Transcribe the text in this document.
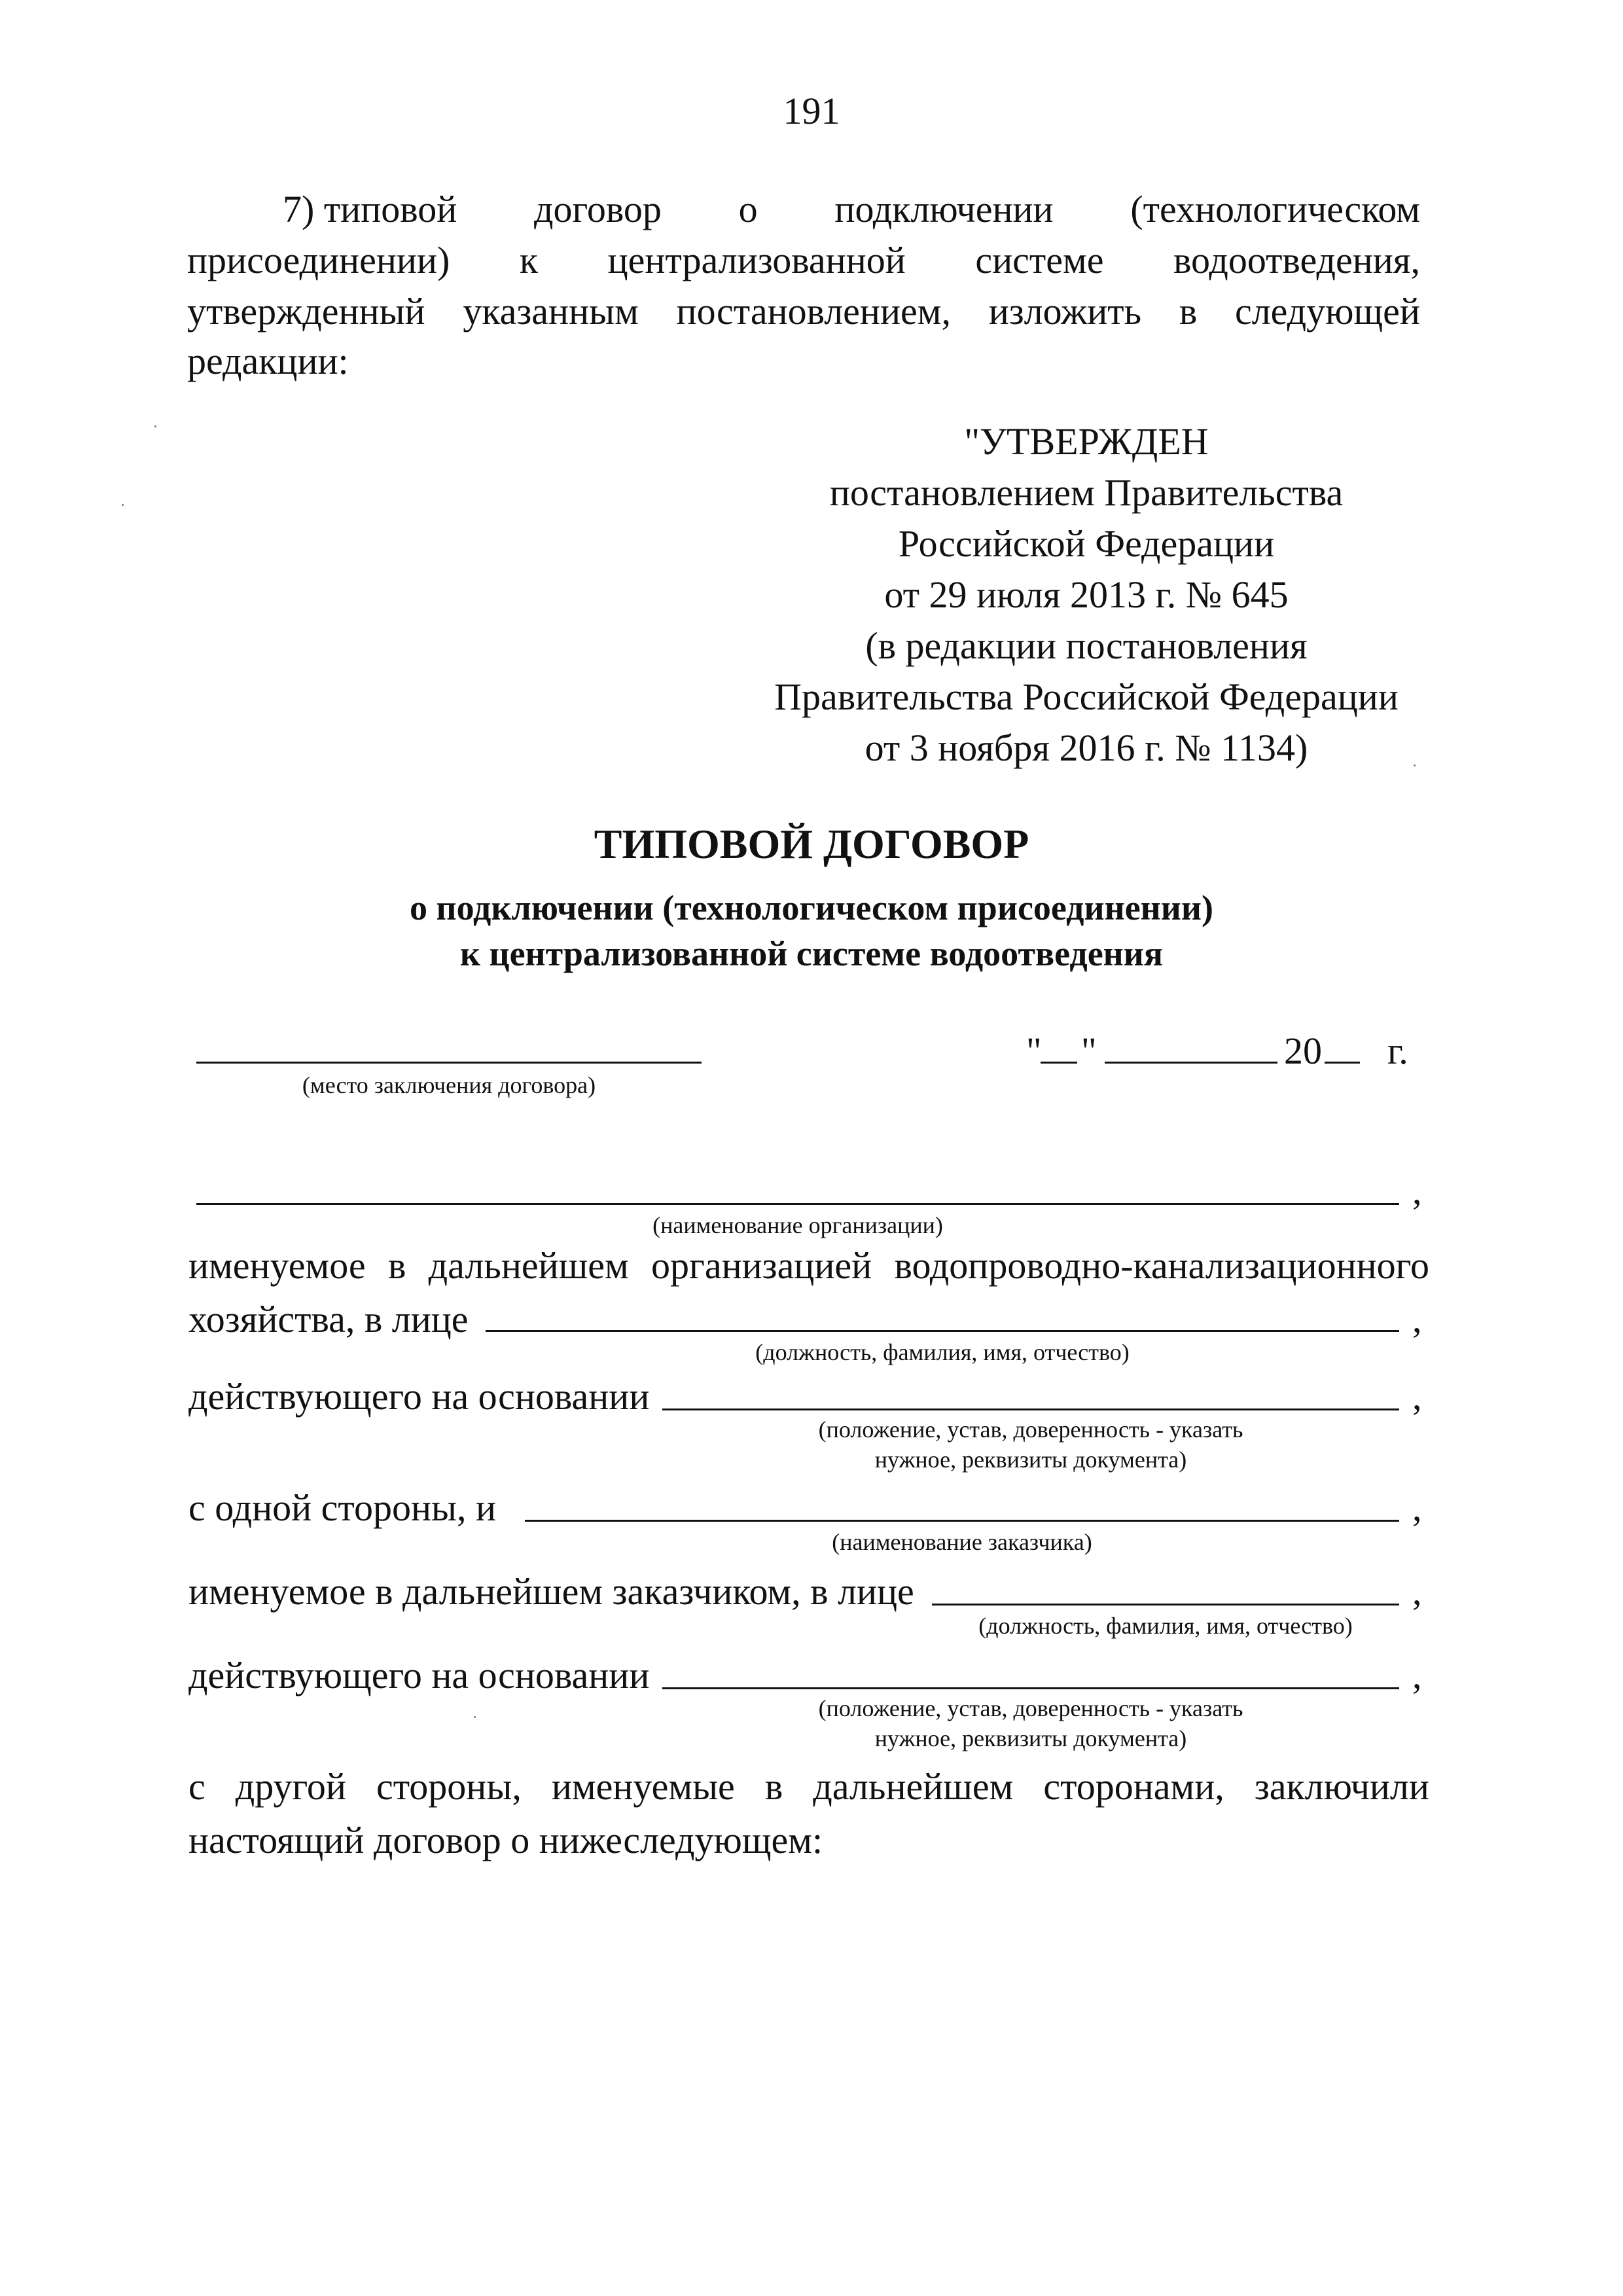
191
7) типовой договор о подключении (технологическом
присоединении) к централизованной системе водоотведения,
утвержденный указанным постановлением, изложить в следующей
редакции:
"УТВЕРЖДЕН
постановлением Правительства
Российской Федерации
от 29 июля 2013 г. № 645
(в редакции постановления
Правительства Российской Федерации
от 3 ноября 2016 г. № 1134)
ТИПОВОЙ ДОГОВОР
о подключении (технологическом присоединении)
к централизованной системе водоотведения
(место заключения договора)
" "	20 г.
,
(наименование организации)
именуемое в дальнейшем организацией водопроводно-канализационного
хозяйства, в лице	,
(должность, фамилия, имя, отчество)
действующего на основании	,
(положение, устав, доверенность - указать
нужное, реквизиты документа)
с одной стороны, и	,
(наименование заказчика)
именуемое в дальнейшем заказчиком, в лице	,
(должность, фамилия, имя, отчество)
действующего на основании	,
(положение, устав, доверенность - указать
нужное, реквизиты документа)
с другой стороны, именуемые в дальнейшем сторонами, заключили
настоящий договор о нижеследующем:
